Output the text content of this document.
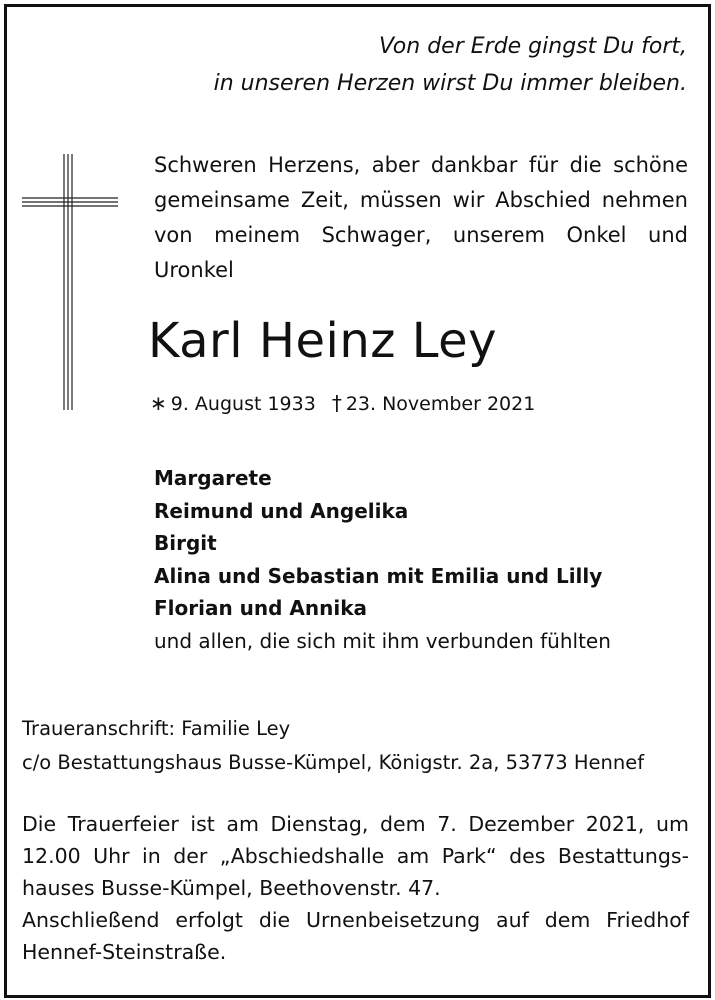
Von der Erde gingst Du fort,
in unseren Herzen wirst Du immer bleiben.
Schweren Herzens, aber dankbar für die schöne gemeinsame Zeit, müssen wir Abschied nehmen von meinem Schwager, unserem Onkel und Uronkel
Karl Heinz Ley
∗ 9. August 1933 † 23. November 2021
Margarete
Reimund und Angelika
Birgit
Alina und Sebastian mit Emilia und Lilly
Florian und Annika
und allen, die sich mit ihm verbunden fühlten
Traueranschrift: Familie Ley
c/o Bestattungshaus Busse-Kümpel, Königstr. 2a, 53773 Hennef
Die Trauerfeier ist am Dienstag, dem 7. Dezember 2021, um
12.00 Uhr in der „Abschiedshalle am Park“ des Bestattungs-
hauses Busse-Kümpel, Beethovenstr. 47.
Anschließend erfolgt die Urnenbeisetzung auf dem Friedhof
Hennef-Steinstraße.
